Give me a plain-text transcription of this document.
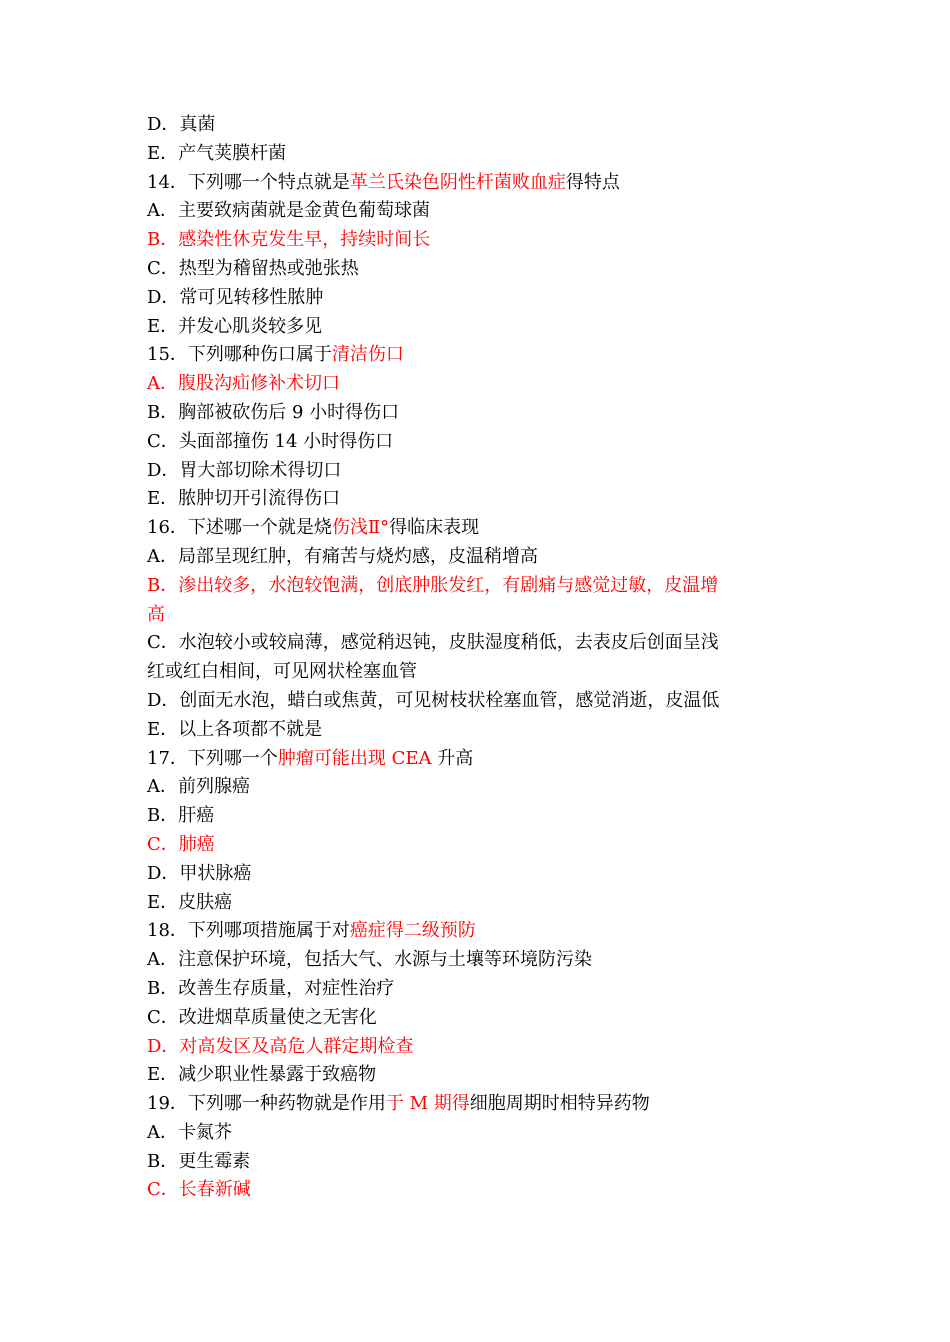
D．真菌
E．产气荚膜杆菌
14．下列哪一个特点就是革兰氏染色阴性杆菌败血症得特点
A．主要致病菌就是金黄色葡萄球菌
B．感染性休克发生早，持续时间长
C．热型为稽留热或弛张热
D．常可见转移性脓肿
E．并发心肌炎较多见
15．下列哪种伤口属于清洁伤口
A．腹股沟疝修补术切口
B．胸部被砍伤后 9 小时得伤口
C．头面部撞伤 14 小时得伤口
D．胃大部切除术得切口
E．脓肿切开引流得伤口
16．下述哪一个就是烧伤浅Ⅱ°得临床表现
A．局部呈现红肿，有痛苦与烧灼感，皮温稍增高
B．渗出较多，水泡较饱满，创底肿胀发红，有剧痛与感觉过敏，皮温增高
C．水泡较小或较扁薄，感觉稍迟钝，皮肤湿度稍低，去表皮后创面呈浅红或红白相间，可见网状栓塞血管
D．创面无水泡，蜡白或焦黄，可见树枝状栓塞血管，感觉消逝，皮温低
E．以上各项都不就是
17．下列哪一个肿瘤可能出现 CEA 升高
A．前列腺癌
B．肝癌
C．肺癌
D．甲状脉癌
E．皮肤癌
18．下列哪项措施属于对癌症得二级预防
A．注意保护环境，包括大气、水源与土壤等环境防污染
B．改善生存质量，对症性治疗
C．改进烟草质量使之无害化
D．对高发区及高危人群定期检查
E．减少职业性暴露于致癌物
19．下列哪一种药物就是作用于 M 期得细胞周期时相特异药物
A．卡氮芥
B．更生霉素
C．长春新碱
